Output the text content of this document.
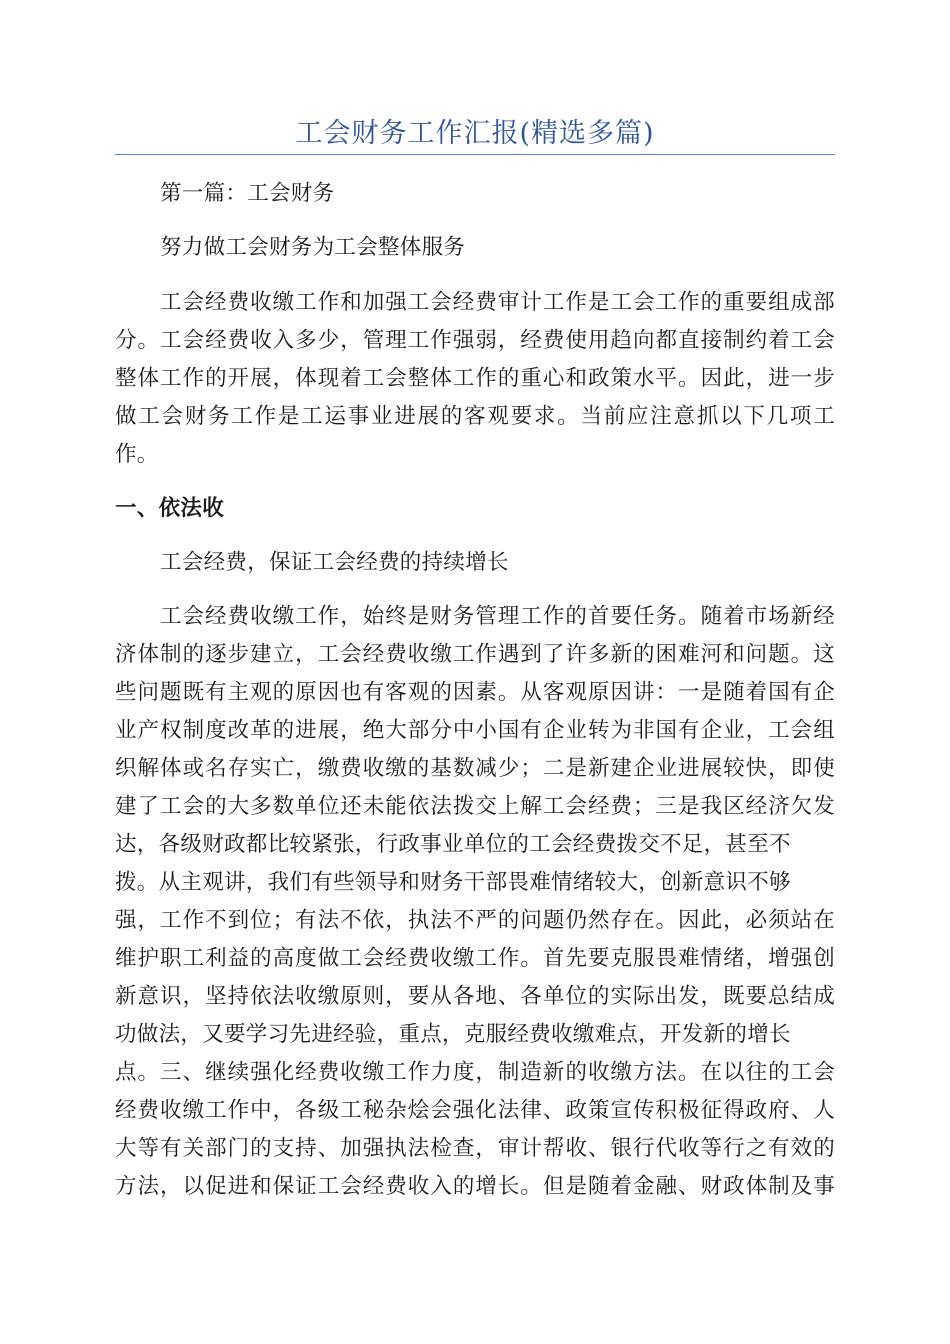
工会财务工作汇报(精选多篇)
第一篇：工会财务
努力做工会财务为工会整体服务
工会经费收缴工作和加强工会经费审计工作是工会工作的重要组成部
分。工会经费收入多少，管理工作强弱，经费使用趋向都直接制约着工会
整体工作的开展，体现着工会整体工作的重心和政策水平。因此，进一步
做工会财务工作是工运事业进展的客观要求。当前应注意抓以下几项工
作。
一、依法收
工会经费，保证工会经费的持续增长
工会经费收缴工作，始终是财务管理工作的首要任务。随着市场新经
济体制的逐步建立，工会经费收缴工作遇到了许多新的困难河和问题。这
些问题既有主观的原因也有客观的因素。从客观原因讲：一是随着国有企
业产权制度改革的进展，绝大部分中小国有企业转为非国有企业，工会组
织解体或名存实亡，缴费收缴的基数减少；二是新建企业进展较快，即使
建了工会的大多数单位还未能依法拨交上解工会经费；三是我区经济欠发
达，各级财政都比较紧张，行政事业单位的工会经费拨交不足，甚至不
拨。从主观讲，我们有些领导和财务干部畏难情绪较大，创新意识不够
强，工作不到位；有法不依，执法不严的问题仍然存在。因此，必须站在
维护职工利益的高度做工会经费收缴工作。首先要克服畏难情绪，增强创
新意识，坚持依法收缴原则，要从各地、各单位的实际出发，既要总结成
功做法，又要学习先进经验，重点，克服经费收缴难点，开发新的增长
点。三、继续强化经费收缴工作力度，制造新的收缴方法。在以往的工会
经费收缴工作中，各级工秘杂烩会强化法律、政策宣传积极征得政府、人
大等有关部门的支持、加强执法检查，审计帮收、银行代收等行之有效的
方法，以促进和保证工会经费收入的增长。但是随着金融、财政体制及事
